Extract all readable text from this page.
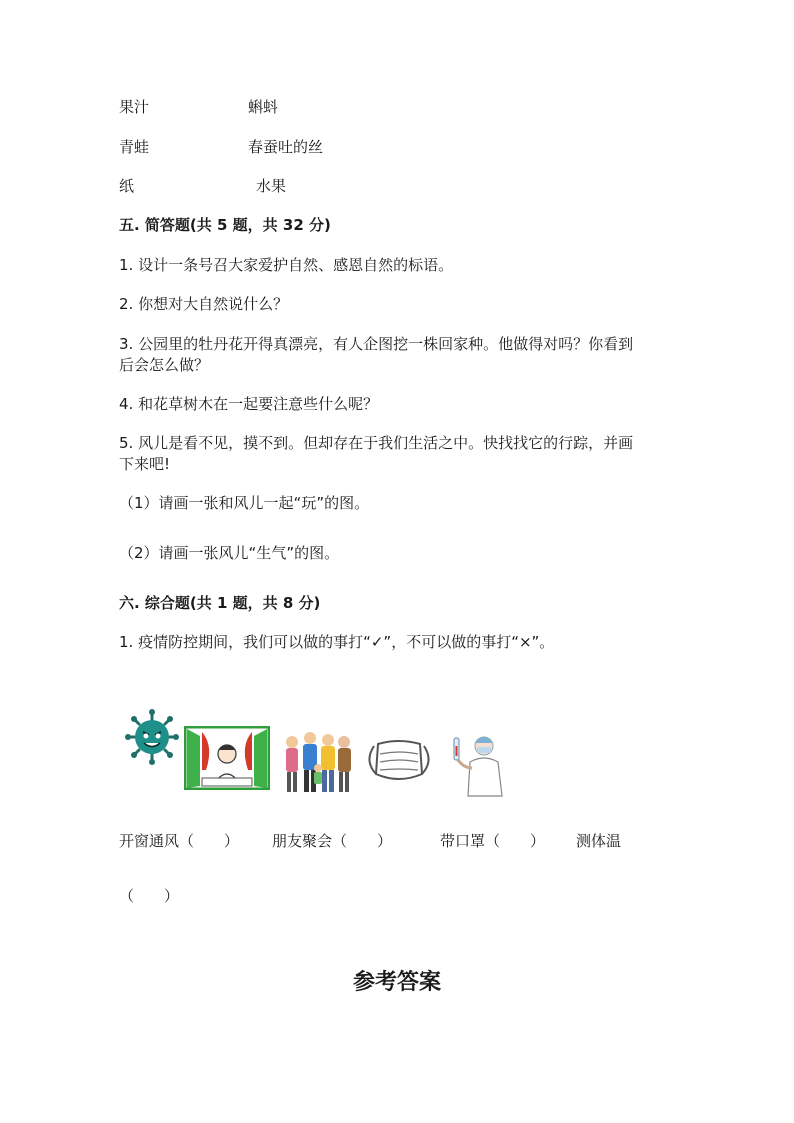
果汁	蝌蚪
青蛙	春蚕吐的丝
纸	水果
五. 简答题(共 5 题，共 32 分)
1. 设计一条号召大家爱护自然、感恩自然的标语。
2. 你想对大自然说什么？
3. 公园里的牡丹花开得真漂亮，有人企图挖一株回家种。他做得对吗？你看到
后会怎么做？
4. 和花草树木在一起要注意些什么呢？
5. 风儿是看不见，摸不到。但却存在于我们生活之中。快找找它的行踪，并画
下来吧!
（1）请画一张和风儿一起“玩”的图。
（2）请画一张风儿“生气”的图。
六. 综合题(共 1 题，共 8 分)
1. 疫情防控期间，我们可以做的事打“✓”，不可以做的事打“×”。
开窗通风（　　） 朋友聚会（　　）	带口罩（　　） 测体温
（　　）
参考答案
